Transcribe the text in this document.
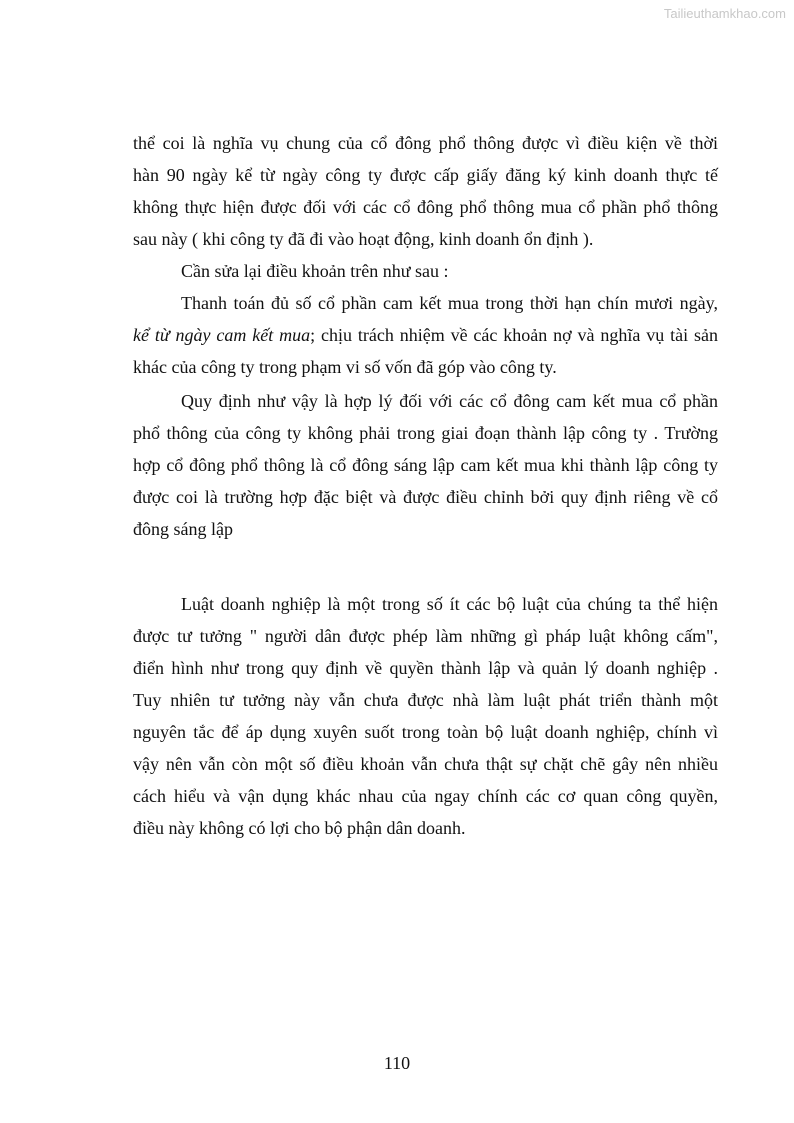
Tailieuthamkhao.com
thể coi là nghĩa vụ chung của cổ đông phổ thông được vì điều kiện về thời
hàn 90 ngày kể từ ngày công ty được cấp giấy đăng ký kinh doanh thực tế
không thực hiện được đối với các cổ đông phổ thông mua cổ phần phổ thông
sau này ( khi công ty đã đi vào hoạt động, kinh doanh ổn định ).
Cần sửa lại điều khoản trên như sau :
Thanh toán đủ số cổ phần cam kết mua trong thời hạn chín mươi ngày,
kể từ ngày cam kết mua; chịu trách nhiệm về các khoản nợ và nghĩa vụ tài sản
khác của công ty trong phạm vi số vốn đã góp vào công ty.
Quy định như vậy là hợp lý đối với các cổ đông cam kết mua cổ phần
phổ thông của công ty không phải trong giai đoạn thành lập công ty . Trường
hợp cổ đông phổ thông là cổ đông sáng lập cam kết mua khi thành lập công ty
được coi là trường hợp đặc biệt và được điều chỉnh bởi quy định riêng về cổ
đông sáng lập
Luật doanh nghiệp là một trong số ít các bộ luật của chúng ta thể hiện
được tư tưởng " người dân được phép làm những gì pháp luật không cấm",
điển hình như trong quy định về quyền thành lập và quản lý doanh nghiệp .
Tuy nhiên tư tưởng này vẫn chưa được nhà làm luật phát triển thành một
nguyên tắc để áp dụng xuyên suốt trong toàn bộ luật doanh nghiệp, chính vì
vậy nên vẫn còn một số điều khoản vẫn chưa thật sự chặt chẽ gây nên nhiều
cách hiểu và vận dụng khác nhau của ngay chính các cơ quan công quyền,
điều này không có lợi cho bộ phận dân doanh.
110
